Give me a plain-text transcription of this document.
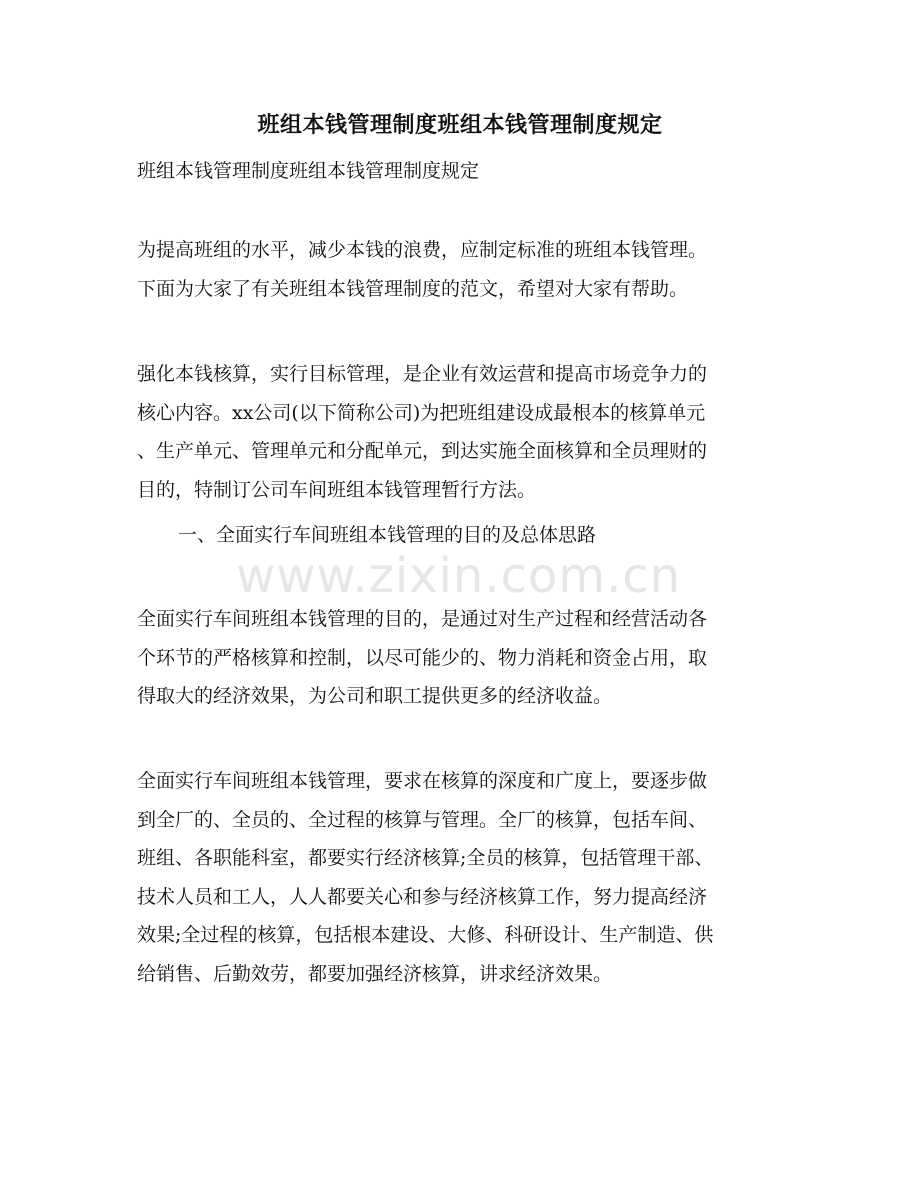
班组本钱管理制度班组本钱管理制度规定
班组本钱管理制度班组本钱管理制度规定

为提高班组的水平，减少本钱的浪费，应制定标准的班组本钱管理。
下面为大家了有关班组本钱管理制度的范文，希望对大家有帮助。

强化本钱核算，实行目标管理，是企业有效运营和提高市场竞争力的
核心内容。xx公司(以下简称公司)为把班组建设成最根本的核算单元
、生产单元、管理单元和分配单元，到达实施全面核算和全员理财的
目的，特制订公司车间班组本钱管理暂行方法。

一、全面实行车间班组本钱管理的目的及总体思路
www.zixin.com.cn

全面实行车间班组本钱管理的目的，是通过对生产过程和经营活动各
个环节的严格核算和控制，以尽可能少的、物力消耗和资金占用，取
得取大的经济效果，为公司和职工提供更多的经济收益。

全面实行车间班组本钱管理，要求在核算的深度和广度上，要逐步做
到全厂的、全员的、全过程的核算与管理。全厂的核算，包括车间、
班组、各职能科室，都要实行经济核算;全员的核算，包括管理干部、
技术人员和工人，人人都要关心和参与经济核算工作，努力提高经济
效果;全过程的核算，包括根本建设、大修、科研设计、生产制造、供
给销售、后勤效劳，都要加强经济核算，讲求经济效果。
